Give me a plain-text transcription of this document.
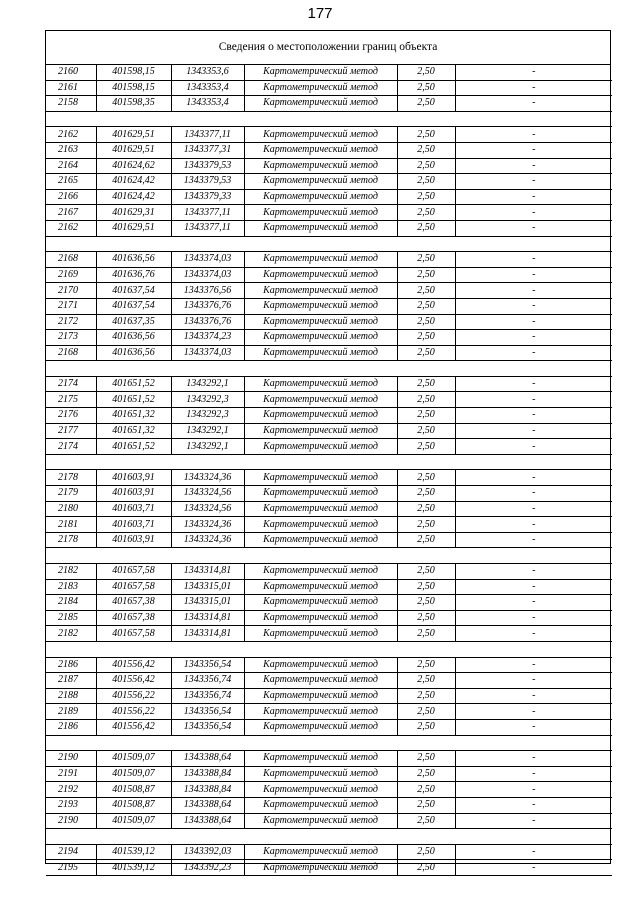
177
Сведения о местоположении границ объекта
2160	401598,15	1343353,6	Картометрический метод	2,50	-
2161	401598,15	1343353,4	Картометрический метод	2,50	-
2158	401598,35	1343353,4	Картометрический метод	2,50	-

2162	401629,51	1343377,11	Картометрический метод	2,50	-
2163	401629,51	1343377,31	Картометрический метод	2,50	-
2164	401624,62	1343379,53	Картометрический метод	2,50	-
2165	401624,42	1343379,53	Картометрический метод	2,50	-
2166	401624,42	1343379,33	Картометрический метод	2,50	-
2167	401629,31	1343377,11	Картометрический метод	2,50	-
2162	401629,51	1343377,11	Картометрический метод	2,50	-

2168	401636,56	1343374,03	Картометрический метод	2,50	-
2169	401636,76	1343374,03	Картометрический метод	2,50	-
2170	401637,54	1343376,56	Картометрический метод	2,50	-
2171	401637,54	1343376,76	Картометрический метод	2,50	-
2172	401637,35	1343376,76	Картометрический метод	2,50	-
2173	401636,56	1343374,23	Картометрический метод	2,50	-
2168	401636,56	1343374,03	Картометрический метод	2,50	-

2174	401651,52	1343292,1	Картометрический метод	2,50	-
2175	401651,52	1343292,3	Картометрический метод	2,50	-
2176	401651,32	1343292,3	Картометрический метод	2,50	-
2177	401651,32	1343292,1	Картометрический метод	2,50	-
2174	401651,52	1343292,1	Картометрический метод	2,50	-

2178	401603,91	1343324,36	Картометрический метод	2,50	-
2179	401603,91	1343324,56	Картометрический метод	2,50	-
2180	401603,71	1343324,56	Картометрический метод	2,50	-
2181	401603,71	1343324,36	Картометрический метод	2,50	-
2178	401603,91	1343324,36	Картометрический метод	2,50	-

2182	401657,58	1343314,81	Картометрический метод	2,50	-
2183	401657,58	1343315,01	Картометрический метод	2,50	-
2184	401657,38	1343315,01	Картометрический метод	2,50	-
2185	401657,38	1343314,81	Картометрический метод	2,50	-
2182	401657,58	1343314,81	Картометрический метод	2,50	-

2186	401556,42	1343356,54	Картометрический метод	2,50	-
2187	401556,42	1343356,74	Картометрический метод	2,50	-
2188	401556,22	1343356,74	Картометрический метод	2,50	-
2189	401556,22	1343356,54	Картометрический метод	2,50	-
2186	401556,42	1343356,54	Картометрический метод	2,50	-

2190	401509,07	1343388,64	Картометрический метод	2,50	-
2191	401509,07	1343388,84	Картометрический метод	2,50	-
2192	401508,87	1343388,84	Картометрический метод	2,50	-
2193	401508,87	1343388,64	Картометрический метод	2,50	-
2190	401509,07	1343388,64	Картометрический метод	2,50	-

2194	401539,12	1343392,03	Картометрический метод	2,50	-
2195	401539,12	1343392,23	Картометрический метод	2,50	-
